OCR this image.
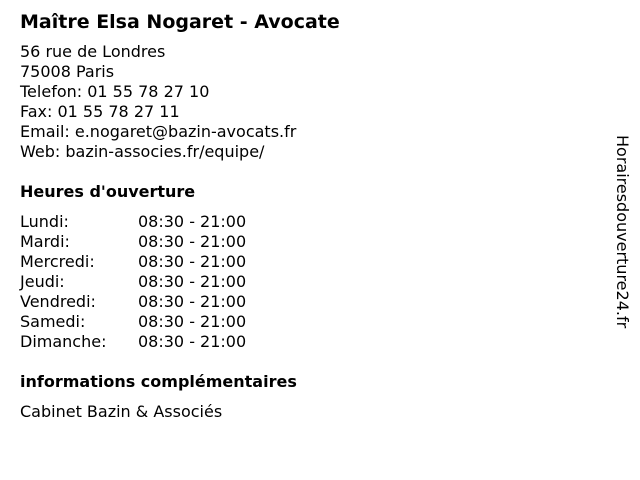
Maître Elsa Nogaret - Avocate
56 rue de Londres
75008 Paris
Telefon: 01 55 78 27 10
Fax: 01 55 78 27 11
Email: e.nogaret@bazin-avocats.fr
Web: bazin-associes.fr/equipe/
Heures d'ouverture
Lundi:	08:30 - 21:00
Mardi:	08:30 - 21:00
Mercredi:	08:30 - 21:00
Jeudi:	08:30 - 21:00
Vendredi:	08:30 - 21:00
Samedi:	08:30 - 21:00
Dimanche:	08:30 - 21:00
informations complémentaires
Cabinet Bazin & Associés
Horairesdouverture24.fr
